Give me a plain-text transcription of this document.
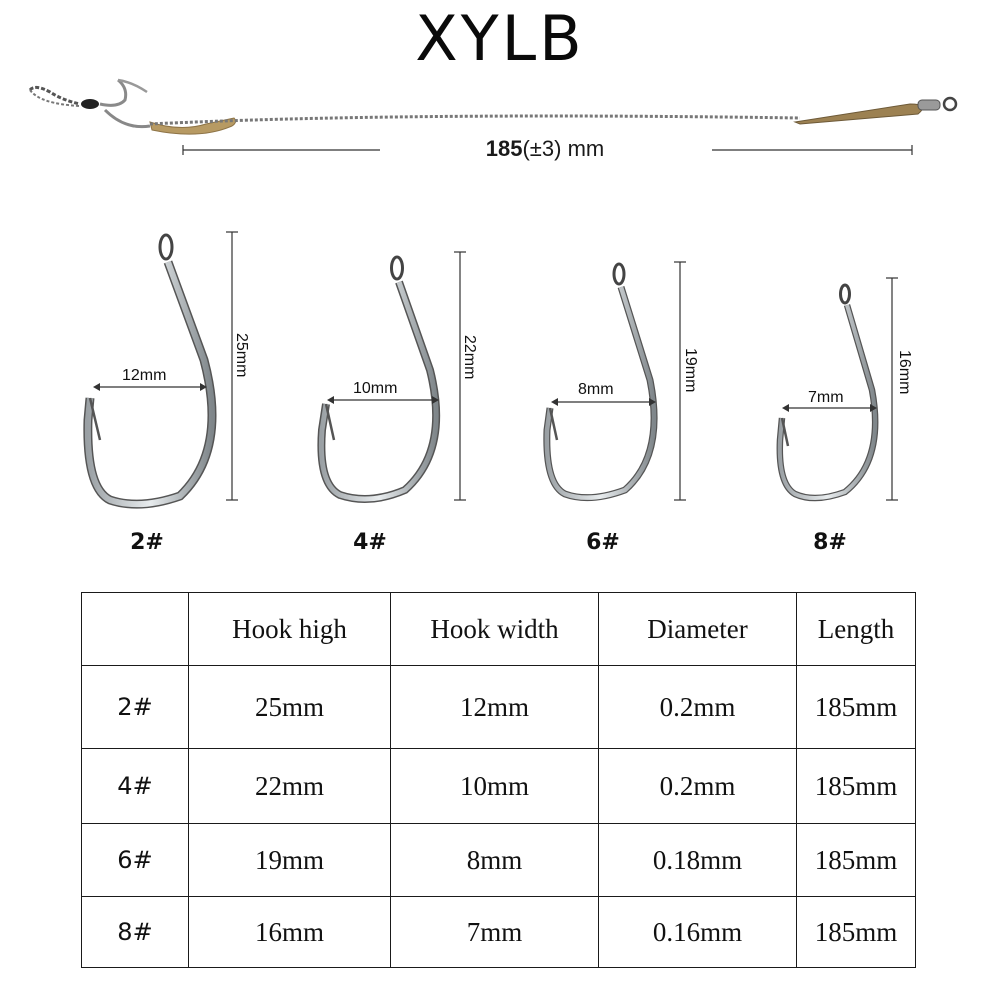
XYLB
185(±3) mm
12mm	25mm
10mm
22mm
8mm	19mm
7mm
16mm
2#	4#	6#	8#
	Hook high	Hook width	Diameter	Length
2#	25mm	12mm	0.2mm	185mm
4#	22mm	10mm	0.2mm	185mm
6#	19mm	8mm	0.18mm	185mm
8#	16mm	7mm	0.16mm	185mm
